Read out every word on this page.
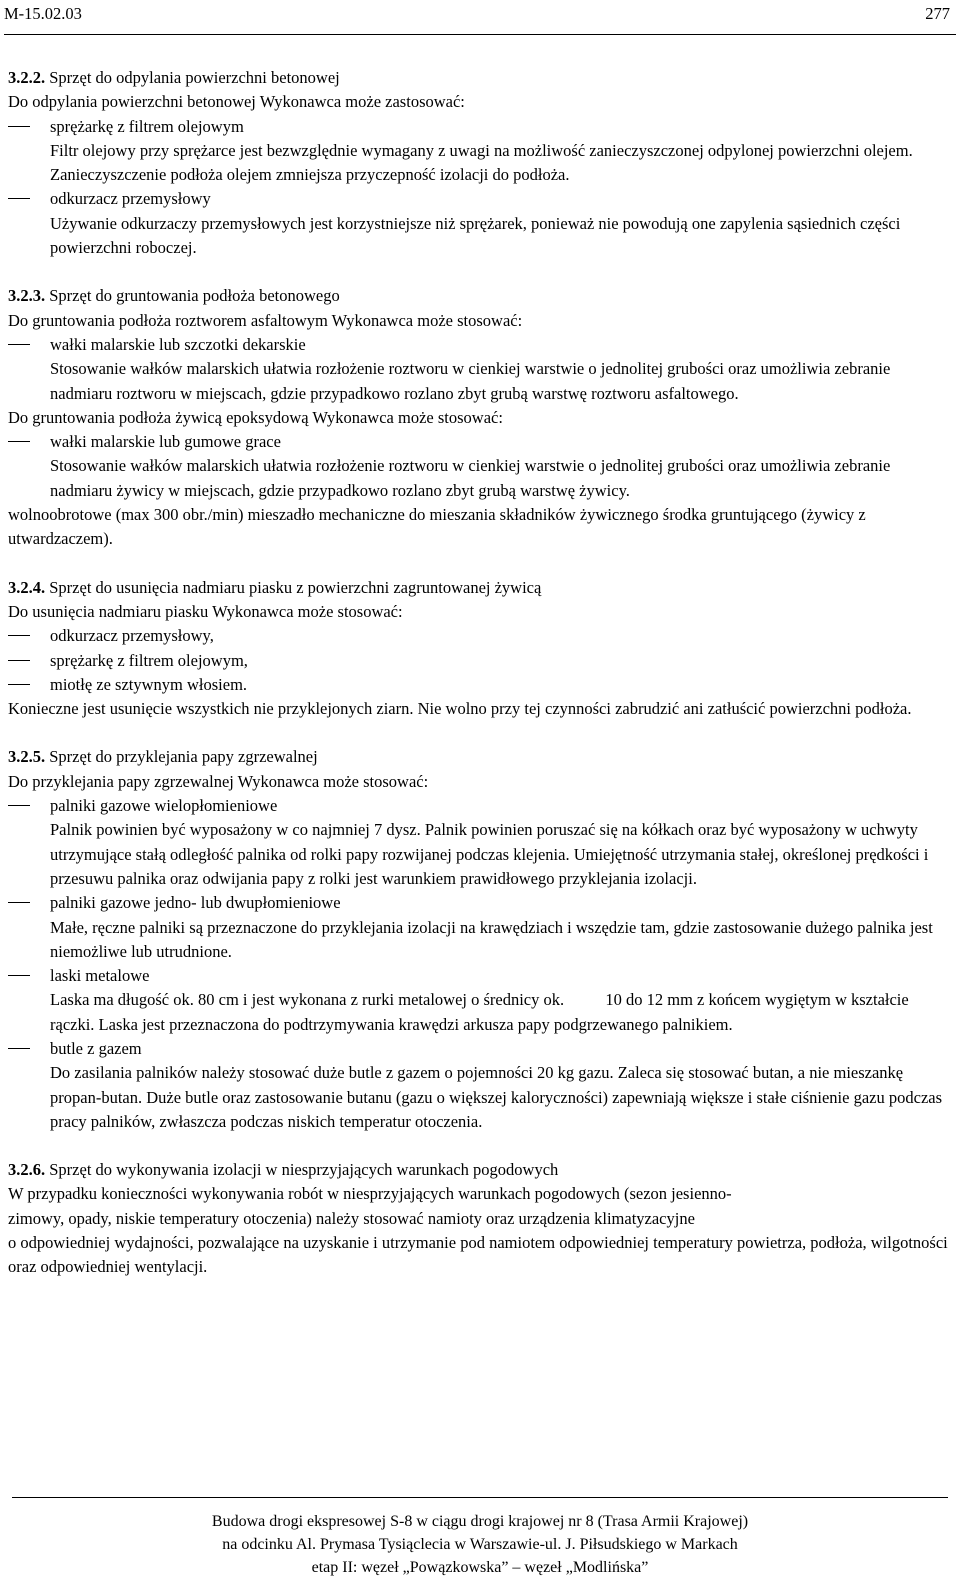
M-15.02.03	277

3.2.2. Sprzęt do odpylania powierzchni betonowej

Do odpylania powierzchni betonowej Wykonawca może zastosować:

sprężarkę z filtrem olejowym

Filtr olejowy przy sprężarce jest bezwzględnie wymagany z uwagi na możliwość zanieczyszczonej odpylonej powierzchni olejem. Zanieczyszczenie podłoża olejem zmniejsza przyczepność izolacji do podłoża.

odkurzacz przemysłowy

Używanie odkurzaczy przemysłowych jest korzystniejsze niż sprężarek, ponieważ nie powodują one zapylenia sąsiednich części powierzchni roboczej.

3.2.3. Sprzęt do gruntowania podłoża betonowego

Do gruntowania podłoża roztworem asfaltowym Wykonawca może stosować:

wałki malarskie lub szczotki dekarskie

Stosowanie wałków malarskich ułatwia rozłożenie roztworu w cienkiej warstwie o jednolitej grubości oraz umożliwia zebranie nadmiaru roztworu w miejscach, gdzie przypadkowo rozlano zbyt grubą warstwę roztworu asfaltowego.

Do gruntowania podłoża żywicą epoksydową Wykonawca może stosować:

wałki malarskie lub gumowe grace

Stosowanie wałków malarskich ułatwia rozłożenie roztworu w cienkiej warstwie o jednolitej grubości oraz umożliwia zebranie nadmiaru żywicy w miejscach, gdzie przypadkowo rozlano zbyt grubą warstwę żywicy.

wolnoobrotowe (max 300 obr./min) mieszadło mechaniczne do mieszania składników żywicznego środka gruntującego (żywicy z utwardzaczem).

3.2.4. Sprzęt do usunięcia nadmiaru piasku z powierzchni zagruntowanej żywicą

Do usunięcia nadmiaru piasku Wykonawca może stosować:

odkurzacz przemysłowy,

sprężarkę z filtrem olejowym,

miotłę ze sztywnym włosiem.

Konieczne jest usunięcie wszystkich nie przyklejonych ziarn. Nie wolno przy tej czynności zabrudzić ani zatłuścić powierzchni podłoża.

3.2.5. Sprzęt do przyklejania papy zgrzewalnej

Do przyklejania papy zgrzewalnej Wykonawca może stosować:

palniki gazowe wielopłomieniowe

Palnik powinien być wyposażony w co najmniej 7 dysz. Palnik powinien poruszać się na kółkach oraz być wyposażony w uchwyty utrzymujące stałą odległość palnika od rolki papy rozwijanej podczas klejenia. Umiejętność utrzymania stałej, określonej prędkości i przesuwu palnika oraz odwijania papy z rolki jest warunkiem prawidłowego przyklejania izolacji.

palniki gazowe jedno- lub dwupłomieniowe

Małe, ręczne palniki są przeznaczone do przyklejania izolacji na krawędziach i wszędzie tam, gdzie zastosowanie dużego palnika jest niemożliwe lub utrudnione.

laski metalowe

Laska ma długość ok. 80 cm i jest wykonana z rurki metalowej o średnicy ok.          10 do 12 mm z końcem wygiętym w kształcie rączki. Laska jest przeznaczona do podtrzymywania krawędzi arkusza papy podgrzewanego palnikiem.

butle z gazem

Do zasilania palników należy stosować duże butle z gazem o pojemności 20 kg gazu. Zaleca się stosować butan, a nie mieszankę propan-butan. Duże butle oraz zastosowanie butanu (gazu o większej kaloryczności) zapewniają większe i stałe ciśnienie gazu podczas pracy palników, zwłaszcza podczas niskich temperatur otoczenia.

3.2.6. Sprzęt do wykonywania izolacji w niesprzyjających warunkach pogodowych

W przypadku konieczności wykonywania robót w niesprzyjających warunkach pogodowych (sezon jesienno-

zimowy, opady, niskie temperatury otoczenia) należy stosować namioty oraz urządzenia klimatyzacyjne

o odpowiedniej wydajności, pozwalające na uzyskanie i utrzymanie pod namiotem odpowiedniej temperatury powietrza, podłoża, wilgotności oraz odpowiedniej wentylacji.

Budowa drogi ekspresowej S-8 w ciągu drogi krajowej nr 8 (Trasa Armii Krajowej)
na odcinku Al. Prymasa Tysiąclecia w Warszawie-ul. J. Piłsudskiego w Markach
etap II: węzeł „Powązkowska” – węzeł „Modlińska”
